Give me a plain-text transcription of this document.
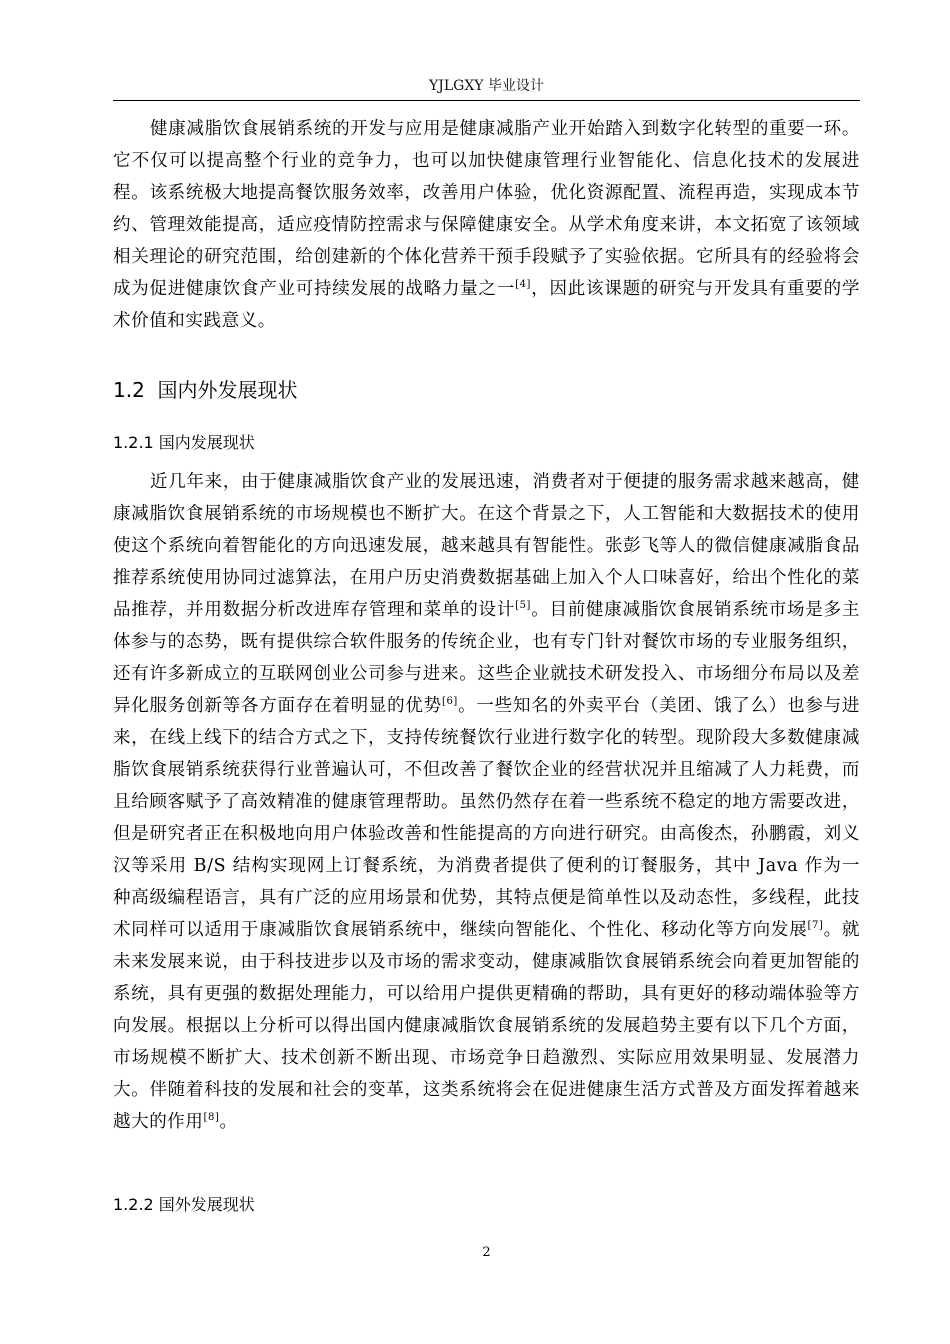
YJLGXY 毕业设计

健康减脂饮食展销系统的开发与应用是健康减脂产业开始踏入到数字化转型的重要一环。它不仅可以提高整个行业的竞争力，也可以加快健康管理行业智能化、信息化技术的发展进程。该系统极大地提高餐饮服务效率，改善用户体验，优化资源配置、流程再造，实现成本节约、管理效能提高，适应疫情防控需求与保障健康安全。从学术角度来讲，本文拓宽了该领域相关理论的研究范围，给创建新的个体化营养干预手段赋予了实验依据。它所具有的经验将会成为促进健康饮食产业可持续发展的战略力量之一[4]，因此该课题的研究与开发具有重要的学术价值和实践意义。

1.2 国内外发展现状
1.2.1 国内发展现状

近几年来，由于健康减脂饮食产业的发展迅速，消费者对于便捷的服务需求越来越高，健康减脂饮食展销系统的市场规模也不断扩大。在这个背景之下，人工智能和大数据技术的使用使这个系统向着智能化的方向迅速发展，越来越具有智能性。张彭飞等人的微信健康减脂食品推荐系统使用协同过滤算法，在用户历史消费数据基础上加入个人口味喜好，给出个性化的菜品推荐，并用数据分析改进库存管理和菜单的设计[5]。目前健康减脂饮食展销系统市场是多主体参与的态势，既有提供综合软件服务的传统企业，也有专门针对餐饮市场的专业服务组织，还有许多新成立的互联网创业公司参与进来。这些企业就技术研发投入、市场细分布局以及差异化服务创新等各方面存在着明显的优势[6]。一些知名的外卖平台（美团、饿了么）也参与进来，在线上线下的结合方式之下，支持传统餐饮行业进行数字化的转型。现阶段大多数健康减脂饮食展销系统获得行业普遍认可，不但改善了餐饮企业的经营状况并且缩减了人力耗费，而且给顾客赋予了高效精准的健康管理帮助。虽然仍然存在着一些系统不稳定的地方需要改进，但是研究者正在积极地向用户体验改善和性能提高的方向进行研究。由高俊杰，孙鹏霞，刘义汉等采用 B/S 结构实现网上订餐系统，为消费者提供了便利的订餐服务，其中 Java 作为一种高级编程语言，具有广泛的应用场景和优势，其特点便是简单性以及动态性，多线程，此技术同样可以适用于康减脂饮食展销系统中，继续向智能化、个性化、移动化等方向发展[7]。就未来发展来说，由于科技进步以及市场的需求变动，健康减脂饮食展销系统会向着更加智能的系统，具有更强的数据处理能力，可以给用户提供更精确的帮助，具有更好的移动端体验等方向发展。根据以上分析可以得出国内健康减脂饮食展销系统的发展趋势主要有以下几个方面，市场规模不断扩大、技术创新不断出现、市场竞争日趋激烈、实际应用效果明显、发展潜力大。伴随着科技的发展和社会的变革，这类系统将会在促进健康生活方式普及方面发挥着越来越大的作用[8]。

1.2.2 国外发展现状
2
